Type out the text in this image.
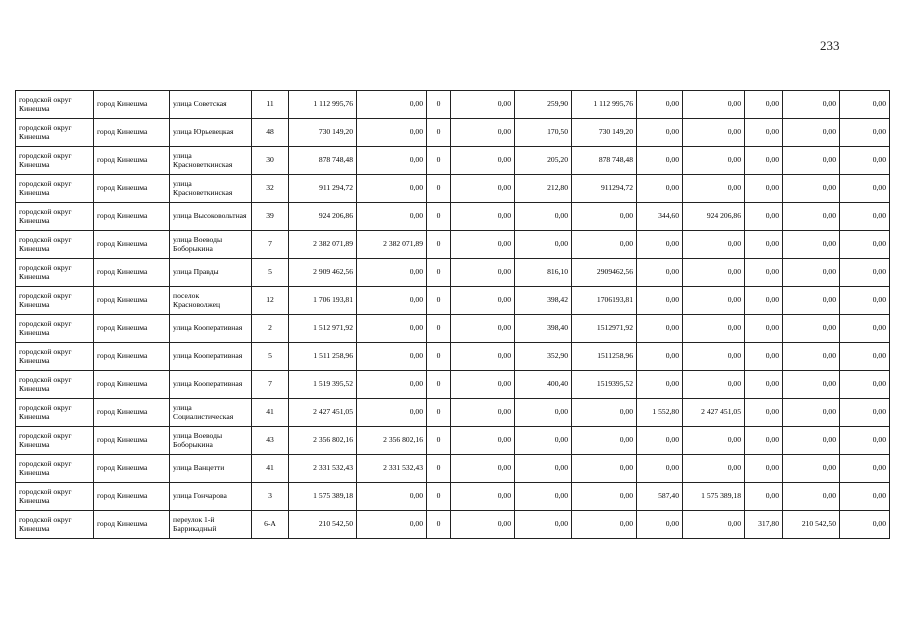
233
городской округ Кинешма	город Кинешма	улица Советская	11	1 112 995,76	0,00	0	0,00	259,90	1 112 995,76	0,00	0,00	0,00	0,00	0,00
городской округ Кинешма	город Кинешма	улица Юрьевецкая	48	730 149,20	0,00	0	0,00	170,50	730 149,20	0,00	0,00	0,00	0,00	0,00
городской округ Кинешма	город Кинешма	улица Красноветкинская	30	878 748,48	0,00	0	0,00	205,20	878 748,48	0,00	0,00	0,00	0,00	0,00
городской округ Кинешма	город Кинешма	улица Красноветкинская	32	911 294,72	0,00	0	0,00	212,80	911294,72	0,00	0,00	0,00	0,00	0,00
городской округ Кинешма	город Кинешма	улица Высоковольтная	39	924 206,86	0,00	0	0,00	0,00	0,00	344,60	924 206,86	0,00	0,00	0,00
городской округ Кинешма	город Кинешма	улица Воеводы Боборыкина	7	2 382 071,89	2 382 071,89	0	0,00	0,00	0,00	0,00	0,00	0,00	0,00	0,00
городской округ Кинешма	город Кинешма	улица Правды	5	2 909 462,56	0,00	0	0,00	816,10	2909462,56	0,00	0,00	0,00	0,00	0,00
городской округ Кинешма	город Кинешма	поселок Красноволжец	12	1 706 193,81	0,00	0	0,00	398,42	1706193,81	0,00	0,00	0,00	0,00	0,00
городской округ Кинешма	город Кинешма	улица Кооперативная	2	1 512 971,92	0,00	0	0,00	398,40	1512971,92	0,00	0,00	0,00	0,00	0,00
городской округ Кинешма	город Кинешма	улица Кооперативная	5	1 511 258,96	0,00	0	0,00	352,90	1511258,96	0,00	0,00	0,00	0,00	0,00
городской округ Кинешма	город Кинешма	улица Кооперативная	7	1 519 395,52	0,00	0	0,00	400,40	1519395,52	0,00	0,00	0,00	0,00	0,00
городской округ Кинешма	город Кинешма	улица Социалистическая	41	2 427 451,05	0,00	0	0,00	0,00	0,00	1 552,80	2 427 451,05	0,00	0,00	0,00
городской округ Кинешма	город Кинешма	улица Воеводы Боборыкина	43	2 356 802,16	2 356 802,16	0	0,00	0,00	0,00	0,00	0,00	0,00	0,00	0,00
городской округ Кинешма	город Кинешма	улица Ванцетти	41	2 331 532,43	2 331 532,43	0	0,00	0,00	0,00	0,00	0,00	0,00	0,00	0,00
городской округ Кинешма	город Кинешма	улица Гончарова	3	1 575 389,18	0,00	0	0,00	0,00	0,00	587,40	1 575 389,18	0,00	0,00	0,00
городской округ Кинешма	город Кинешма	переулок 1-й Баррикадный	6-А	210 542,50	0,00	0	0,00	0,00	0,00	0,00	0,00	317,80	210 542,50	0,00
